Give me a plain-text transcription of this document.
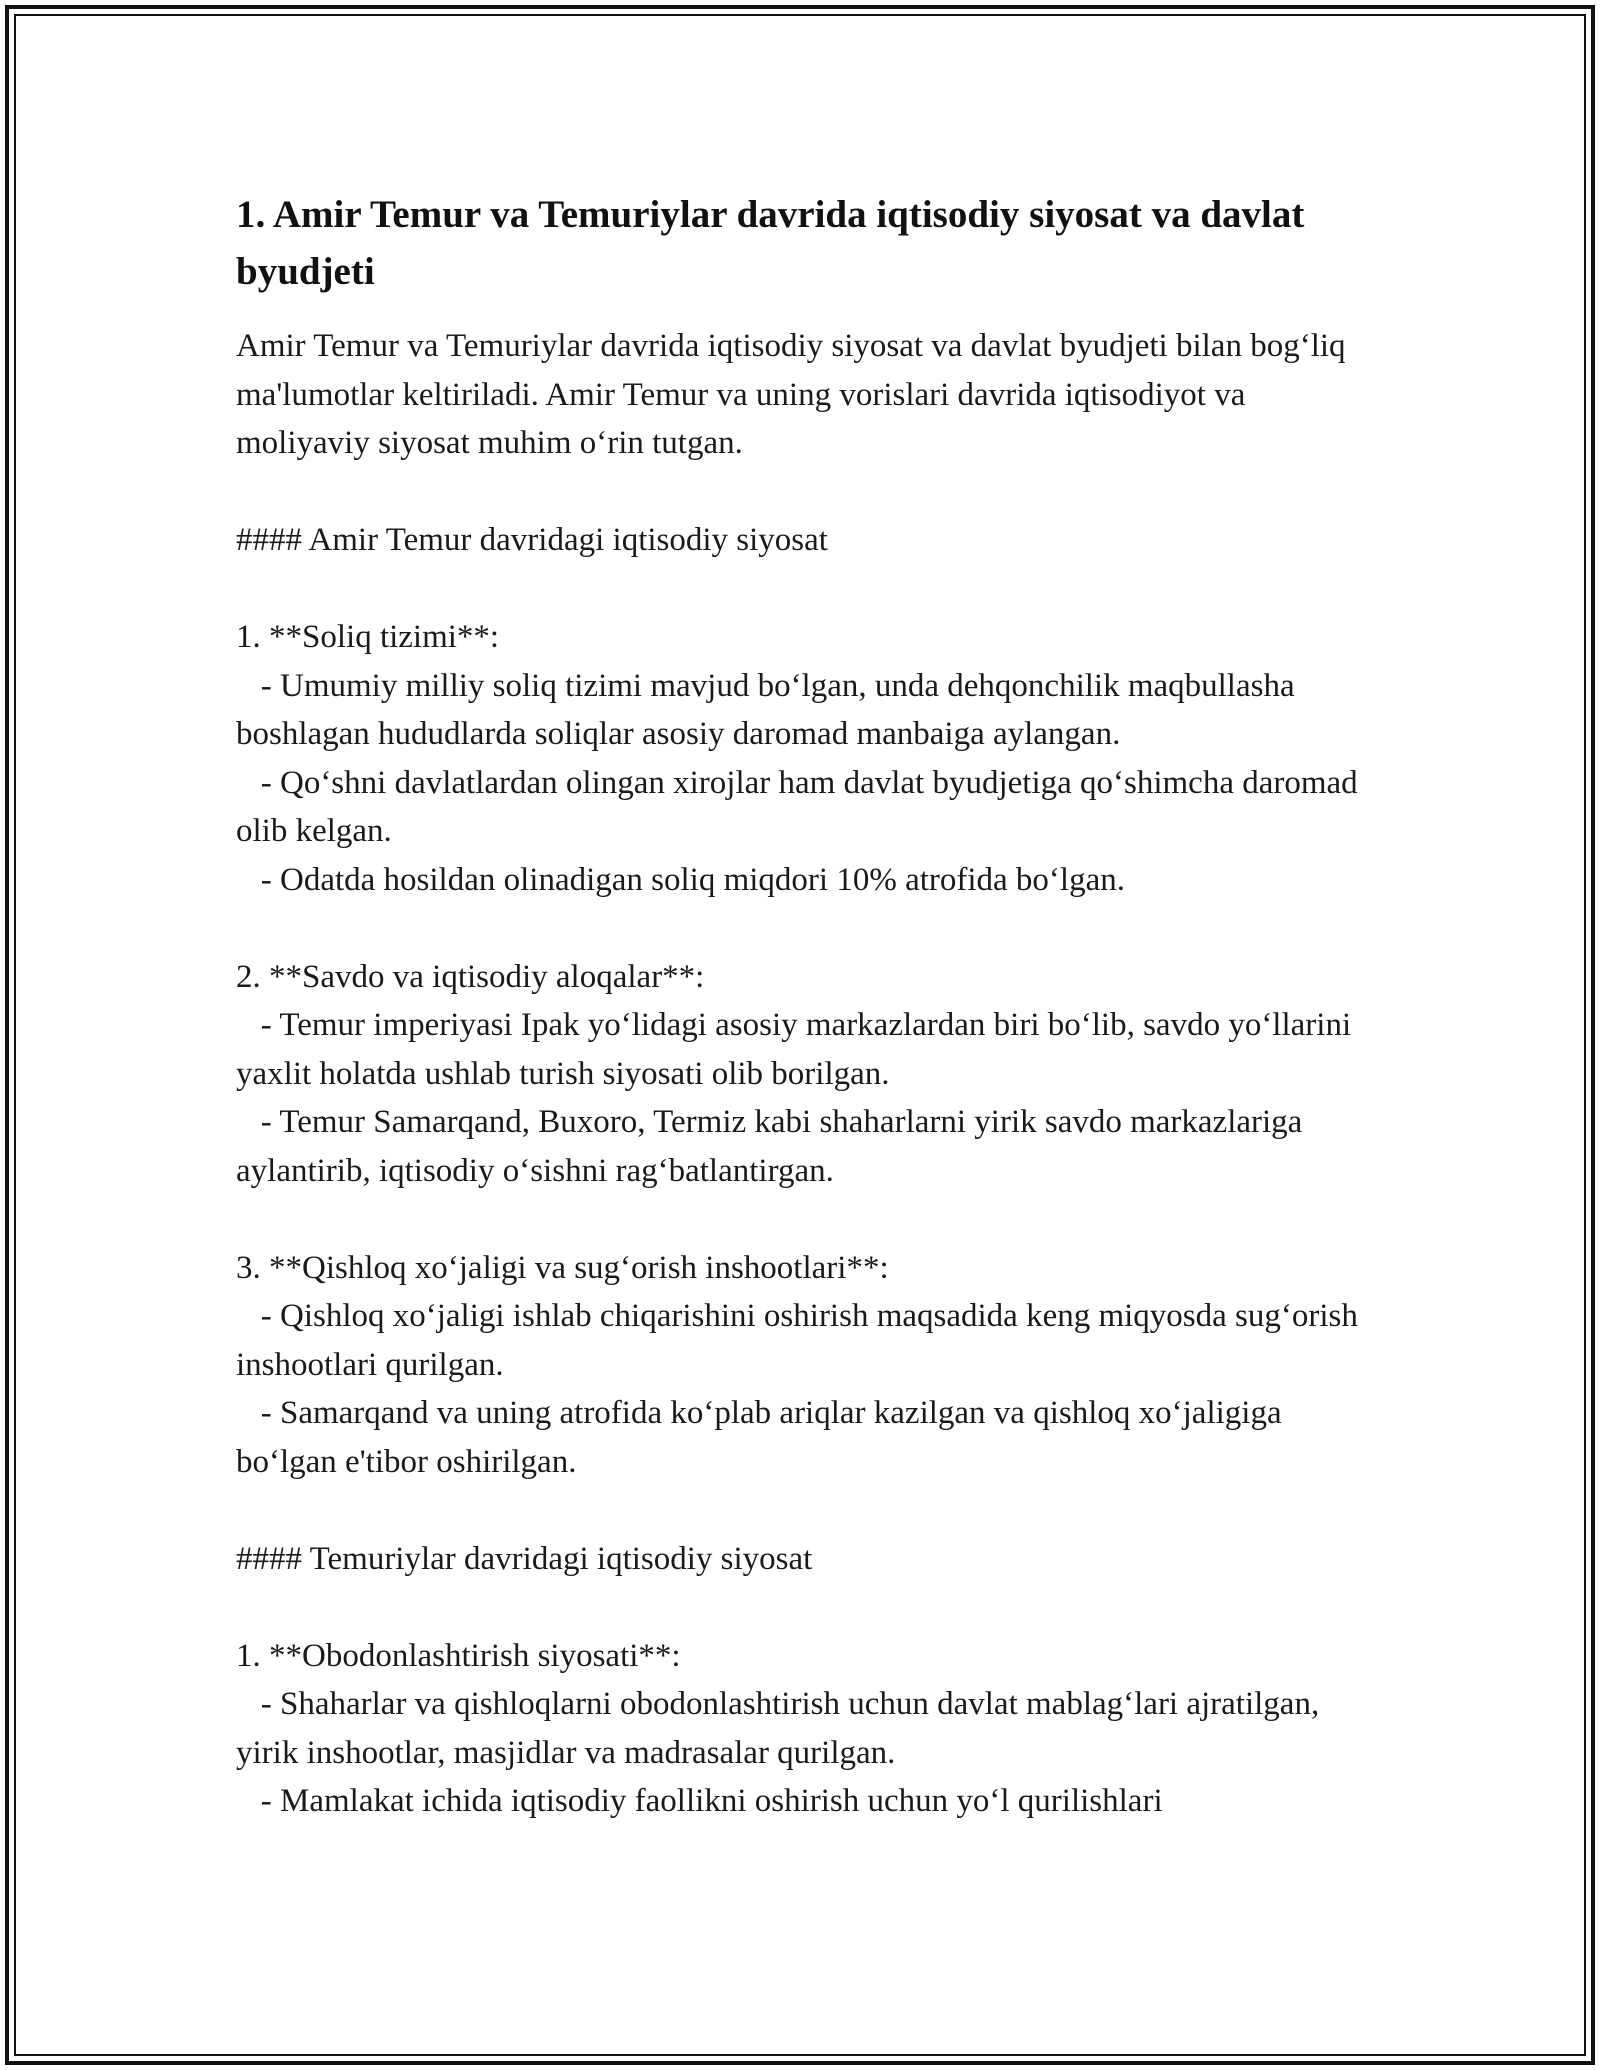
1. Amir Temur va Temuriylar davrida iqtisodiy siyosat va davlat byudjeti

Amir Temur va Temuriylar davrida iqtisodiy siyosat va davlat byudjeti bilan bog‘liq ma'lumotlar keltiriladi. Amir Temur va uning vorislari davrida iqtisodiyot va moliyaviy siyosat muhim o‘rin tutgan.

#### Amir Temur davridagi iqtisodiy siyosat

1. **Soliq tizimi**:

- Umumiy milliy soliq tizimi mavjud bo‘lgan, unda dehqonchilik maqbullasha boshlagan hududlarda soliqlar asosiy daromad manbaiga aylangan.

- Qo‘shni davlatlardan olingan xirojlar ham davlat byudjetiga qo‘shimcha daromad olib kelgan.

- Odatda hosildan olinadigan soliq miqdori 10% atrofida bo‘lgan.

2. **Savdo va iqtisodiy aloqalar**:

- Temur imperiyasi Ipak yo‘lidagi asosiy markazlardan biri bo‘lib, savdo yo‘llarini yaxlit holatda ushlab turish siyosati olib borilgan.

- Temur Samarqand, Buxoro, Termiz kabi shaharlarni yirik savdo markazlariga aylantirib, iqtisodiy o‘sishni rag‘batlantirgan.

3. **Qishloq xo‘jaligi va sug‘orish inshootlari**:

- Qishloq xo‘jaligi ishlab chiqarishini oshirish maqsadida keng miqyosda sug‘orish inshootlari qurilgan.

- Samarqand va uning atrofida ko‘plab ariqlar kazilgan va qishloq xo‘jaligiga bo‘lgan e'tibor oshirilgan.

#### Temuriylar davridagi iqtisodiy siyosat

1. **Obodonlashtirish siyosati**:

- Shaharlar va qishloqlarni obodonlashtirish uchun davlat mablag‘lari ajratilgan, yirik inshootlar, masjidlar va madrasalar qurilgan.

- Mamlakat ichida iqtisodiy faollikni oshirish uchun yo‘l qurilishlari
